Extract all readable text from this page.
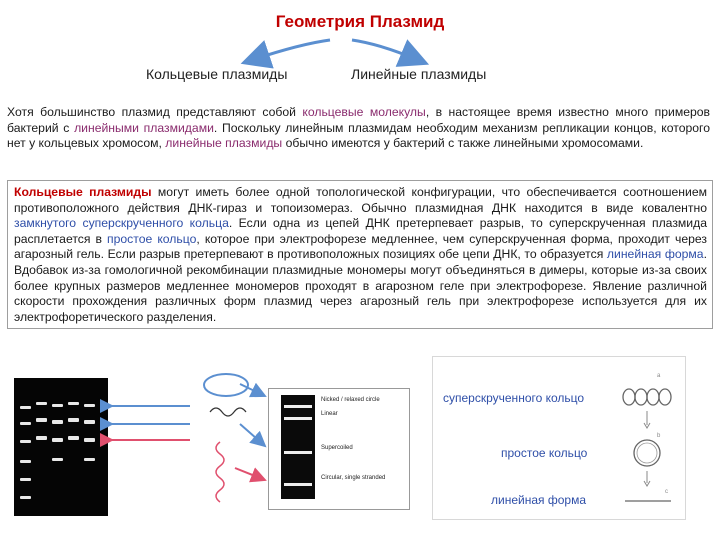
Геометрия Плазмид
Кольцевые плазмиды	Линейные плазмиды
Хотя большинство плазмид представляют собой кольцевые молекулы, в настоящее время известно много примеров бактерий с линейными плазмидами. Поскольку линейным плазмидам необходим механизм репликации концов, которого нет у кольцевых хромосом, линейные плазмиды обычно имеются у бактерий с также линейными хромосомами.
Кольцевые плазмиды могут иметь более одной топологической конфигурации, что обеспечивается соотношением противоположного действия ДНК-гираз и топоизомераз. Обычно плазмидная ДНК находится в виде ковалентно замкнутого суперскрученного кольца. Если одна из цепей ДНК претерпевает разрыв, то суперскрученная плазмида расплетается в простое кольцо, которое при электрофорезе медленнее, чем суперскрученная форма, проходит через агарозный гель. Если разрыв претерпевают в противоположных позициях обе цепи ДНК, то образуется линейная форма. Вдобавок из-за гомологичной рекомбинации плазмидные мономеры могут объединяться в димеры, которые из-за своих более крупных размеров медленнее мономеров проходят в агарозном геле при электрофорезе. Явление различной скорости прохождения различных форм плазмид через агарозный гель при электрофорезе используется для их электрофоретического разделения.
Nicked / relaxed circle
Linear
Supercoiled
Circular, single stranded
суперскрученного кольцо
простое кольцо
линейная форма
a
b
c
